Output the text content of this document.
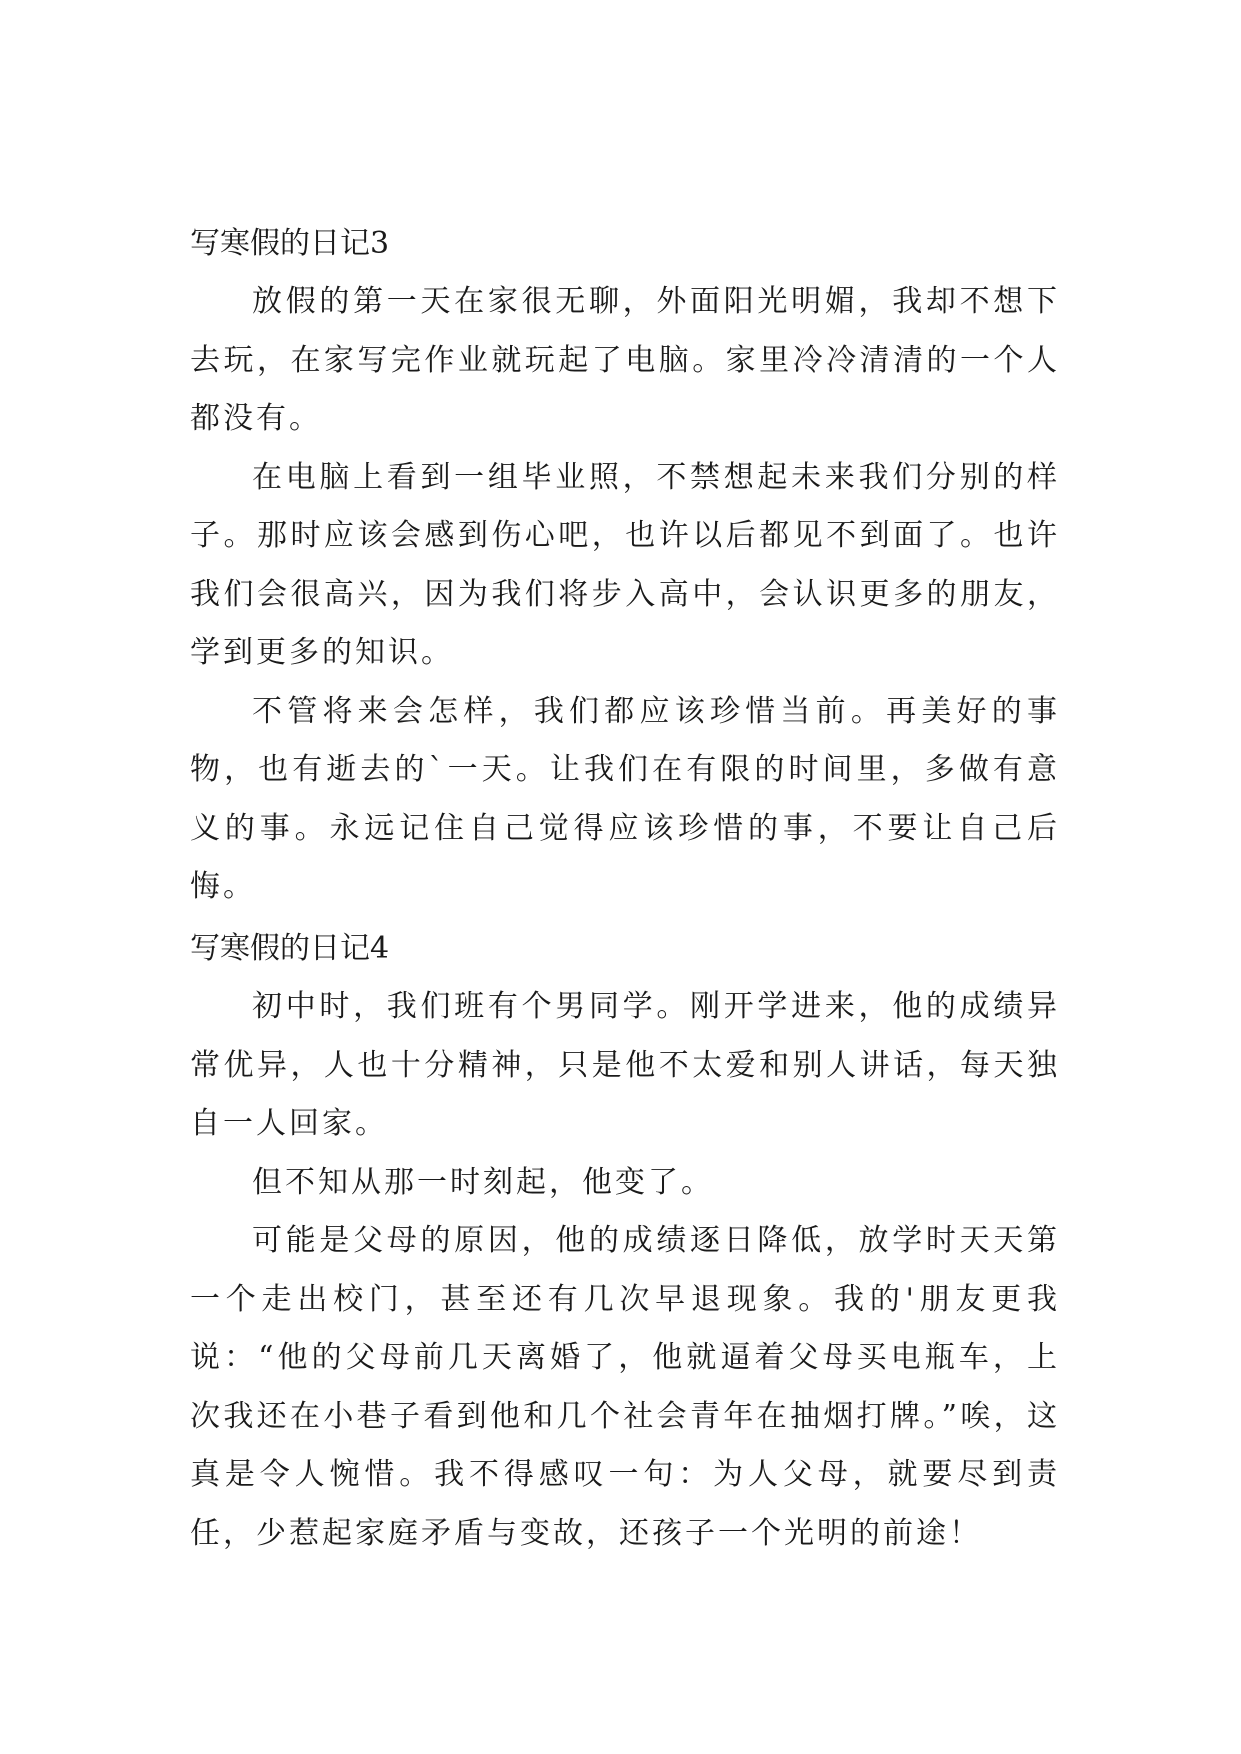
写寒假的日记3

放假的第一天在家很无聊，外面阳光明媚，我却不想下去玩，在家写完作业就玩起了电脑。家里冷冷清清的一个人都没有。

在电脑上看到一组毕业照，不禁想起未来我们分别的样子。那时应该会感到伤心吧，也许以后都见不到面了。也许我们会很高兴，因为我们将步入高中，会认识更多的朋友，学到更多的知识。

不管将来会怎样，我们都应该珍惜当前。再美好的事物，也有逝去的`一天。让我们在有限的时间里，多做有意义的事。永远记住自己觉得应该珍惜的事，不要让自己后悔。

写寒假的日记4

初中时，我们班有个男同学。刚开学进来，他的成绩异常优异，人也十分精神，只是他不太爱和别人讲话，每天独自一人回家。

但不知从那一时刻起，他变了。

可能是父母的原因，他的成绩逐日降低，放学时天天第一个走出校门，甚至还有几次早退现象。我的'朋友更我说：“他的父母前几天离婚了，他就逼着父母买电瓶车，上次我还在小巷子看到他和几个社会青年在抽烟打牌。”唉，这真是令人惋惜。我不得感叹一句：为人父母，就要尽到责任，少惹起家庭矛盾与变故，还孩子一个光明的前途！
